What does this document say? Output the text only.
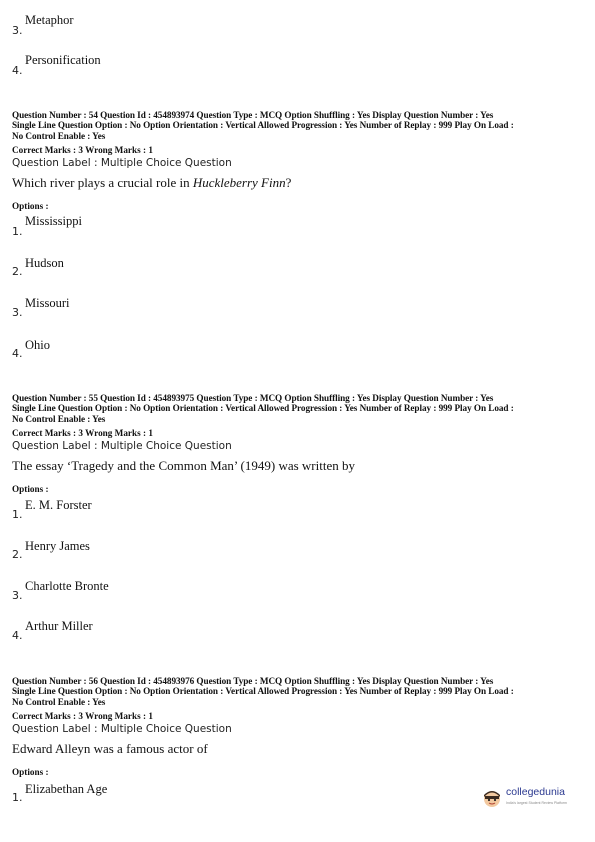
Metaphor
3.
Personification
4.
Question Number : 54 Question Id : 454893974 Question Type : MCQ Option Shuffling : Yes Display Question Number : Yes
Single Line Question Option : No Option Orientation : Vertical Allowed Progression : Yes Number of Replay : 999 Play On Load :
No Control Enable : Yes
Correct Marks : 3 Wrong Marks : 1
Question Label : Multiple Choice Question
Which river plays a crucial role in Huckleberry Finn?
Options :
Mississippi
1.
Hudson
2.
Missouri
3.
Ohio
4.
Question Number : 55 Question Id : 454893975 Question Type : MCQ Option Shuffling : Yes Display Question Number : Yes
Single Line Question Option : No Option Orientation : Vertical Allowed Progression : Yes Number of Replay : 999 Play On Load :
No Control Enable : Yes
Correct Marks : 3 Wrong Marks : 1
Question Label : Multiple Choice Question
The essay ‘Tragedy and the Common Man’ (1949) was written by
Options :
E. M. Forster
1.
Henry James
2.
Charlotte Bronte
3.
Arthur Miller
4.
Question Number : 56 Question Id : 454893976 Question Type : MCQ Option Shuffling : Yes Display Question Number : Yes
Single Line Question Option : No Option Orientation : Vertical Allowed Progression : Yes Number of Replay : 999 Play On Load :
No Control Enable : Yes
Correct Marks : 3 Wrong Marks : 1
Question Label : Multiple Choice Question
Edward Alleyn was a famous actor of
Options :
Elizabethan Age
1.	collegedunia
India's largest Student Review Platform
